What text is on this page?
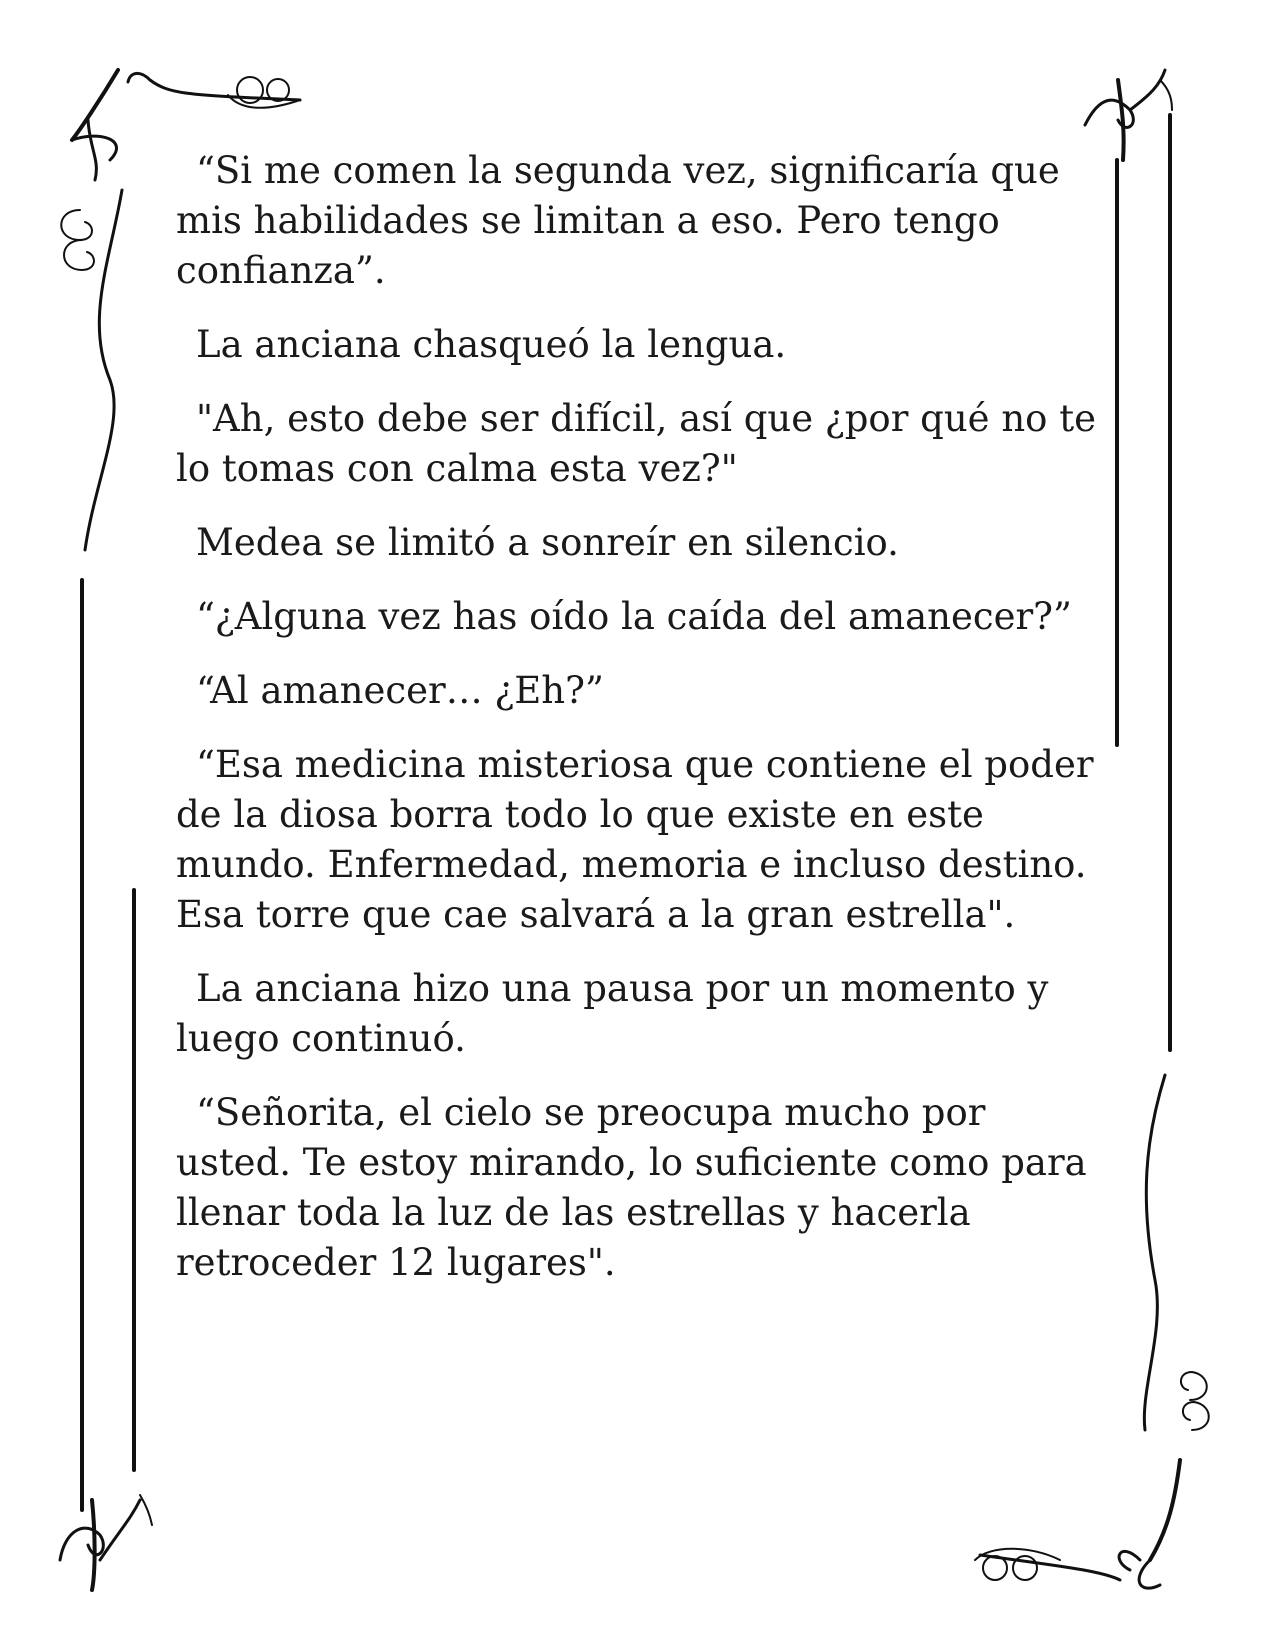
“Si me comen la segunda vez, significaría que mis habilidades se limitan a eso. Pero tengo confianza”.

La anciana chasqueó la lengua.

"Ah, esto debe ser difícil, así que ¿por qué no te lo tomas con calma esta vez?"

Medea se limitó a sonreír en silencio.

“¿Alguna vez has oído la caída del amanecer?”

“Al amanecer… ¿Eh?”

“Esa medicina misteriosa que contiene el poder de la diosa borra todo lo que existe en este mundo. Enfermedad, memoria e incluso destino. Esa torre que cae salvará a la gran estrella".

La anciana hizo una pausa por un momento y luego continuó.

“Señorita, el cielo se preocupa mucho por usted. Te estoy mirando, lo suficiente como para llenar toda la luz de las estrellas y hacerla retroceder 12 lugares".
